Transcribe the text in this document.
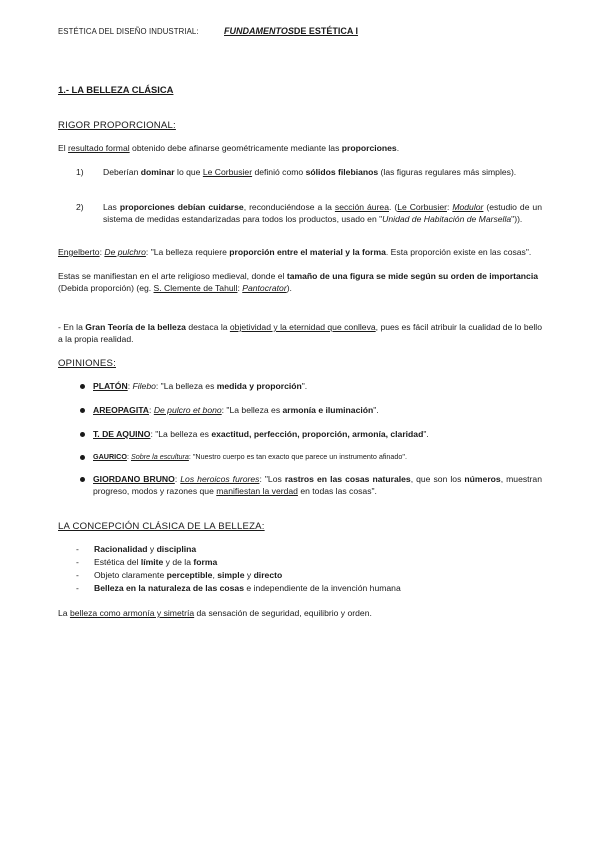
ESTÉTICA DEL DISEÑO INDUSTRIAL:	FUNDAMENTOSDE ESTÉTICA I
1.- LA BELLEZA CLÁSICA
RIGOR PROPORCIONAL:
El resultado formal obtenido debe afinarse geométricamente mediante las proporciones.
1) Deberían dominar lo que Le Corbusier definió como sólidos filebianos (las figuras regulares más simples).
2) Las proporciones debían cuidarse, reconduciéndose a la sección áurea. (Le Corbusier: Modulor (estudio de un sistema de medidas estandarizadas para todos los productos, usado en "Unidad de Habitación de Marsella")).
Engelberto: De pulchro: "La belleza requiere proporción entre el material y la forma. Esta proporción existe en las cosas".
Estas se manifiestan en el arte religioso medieval, donde el tamaño de una figura se mide según su orden de importancia (Debida proporción) (eg. S. Clemente de Tahull: Pantocrator).
- En la Gran Teoría de la belleza destaca la objetividad y la eternidad que conlleva, pues es fácil atribuir la cualidad de lo bello a la propia realidad.
OPINIONES:
PLATÓN: Filebo: "La belleza es medida y proporción".
AREOPAGITA: De pulcro et bono: "La belleza es armonía e iluminación".
T. DE AQUINO: "La belleza es exactitud, perfección, proporción, armonía, claridad".
GAURICO: Sobre la escultura: "Nuestro cuerpo es tan exacto que parece un instrumento afinado".
GIORDANO BRUNO: Los heroicos furores: "Los rastros en las cosas naturales, que son los números, muestran progreso, modos y razones que manifiestan la verdad en todas las cosas".
LA CONCEPCIÓN CLÁSICA DE LA BELLEZA:
- Racionalidad y disciplina
- Estética del límite y de la forma
- Objeto claramente perceptible, simple y directo
- Belleza en la naturaleza de las cosas e independiente de la invención humana
La belleza como armonía y simetría da sensación de seguridad, equilibrio y orden.
